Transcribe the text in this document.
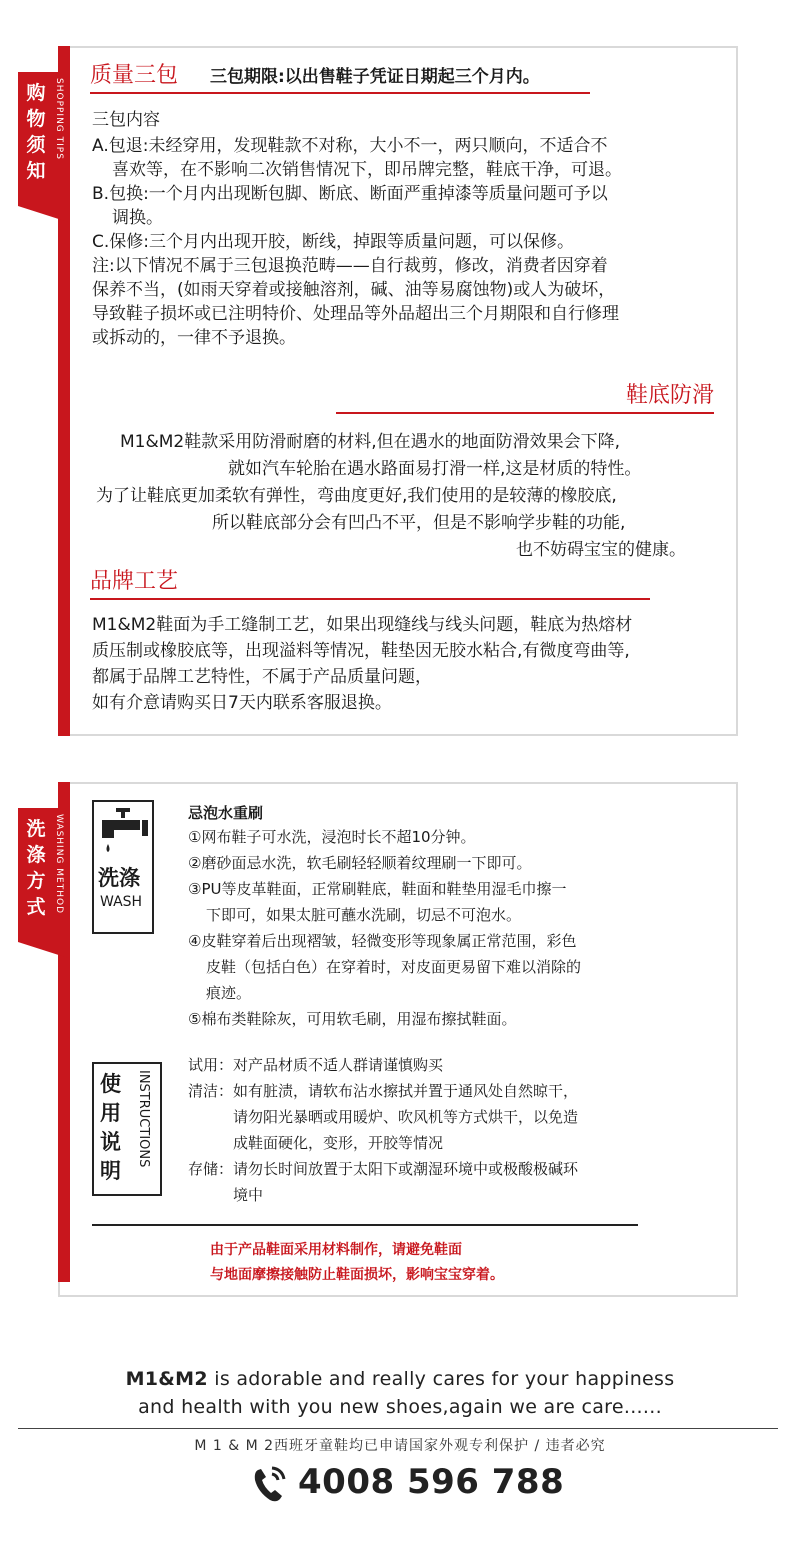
质量三包 三包期限:以出售鞋子凭证日期起三个月内。
三包内容
A.包退:未经穿用，发现鞋款不对称，大小不一，两只顺向，不适合不
喜欢等，在不影响二次销售情况下，即吊牌完整，鞋底干净，可退。
B.包换:一个月内出现断包脚、断底、断面严重掉漆等质量问题可予以
调换。
C.保修:三个月内出现开胶，断线，掉跟等质量问题，可以保修。
注:以下情况不属于三包退换范畴——自行裁剪，修改，消费者因穿着
保养不当，(如雨天穿着或接触溶剂，碱、油等易腐蚀物)或人为破坏，
导致鞋子损坏或已注明特价、处理品等外品超出三个月期限和自行修理
或拆动的，一律不予退换。
鞋底防滑
M1&M2鞋款采用防滑耐磨的材料,但在遇水的地面防滑效果会下降,
就如汽车轮胎在遇水路面易打滑一样,这是材质的特性。
为了让鞋底更加柔软有弹性，弯曲度更好,我们使用的是较薄的橡胶底,
所以鞋底部分会有凹凸不平，但是不影响学步鞋的功能,
也不妨碍宝宝的健康。
品牌工艺
M1&M2鞋面为手工缝制工艺，如果出现缝线与线头问题，鞋底为热熔材
质压制或橡胶底等，出现溢料等情况，鞋垫因无胶水粘合,有微度弯曲等,
都属于品牌工艺特性，不属于产品质量问题，
如有介意请购买日7天内联系客服退换。
购物须知
SHOPPING TIPS
洗涤
WASH
忌泡水重刷
①网布鞋子可水洗，浸泡时长不超10分钟。
②磨砂面忌水洗，软毛刷轻轻顺着纹理刷一下即可。
③PU等皮革鞋面，正常刷鞋底，鞋面和鞋垫用湿毛巾擦一
下即可，如果太脏可蘸水洗刷，切忌不可泡水。
④皮鞋穿着后出现褶皱，轻微变形等现象属正常范围，彩色
皮鞋（包括白色）在穿着时，对皮面更易留下难以消除的
痕迹。
⑤棉布类鞋除灰，可用软毛刷，用湿布擦拭鞋面。
使用说明
INSTRUCTIONS
试用：对产品材质不适人群请谨慎购买
清洁：如有脏渍，请软布沾水擦拭并置于通风处自然晾干，
请勿阳光暴晒或用暖炉、吹风机等方式烘干，以免造
成鞋面硬化，变形，开胶等情况
存储：请勿长时间放置于太阳下或潮湿环境中或极酸极碱环
境中
由于产品鞋面采用材料制作，请避免鞋面
与地面摩擦接触防止鞋面损坏，影响宝宝穿着。
洗涤方式 WASHING METHOD
M1&M2 is adorable and really cares for your happiness
and health with you new shoes,again we are care......
M 1 & M 2西班牙童鞋均已申请国家外观专利保护 / 违者必究
4008 596 788
